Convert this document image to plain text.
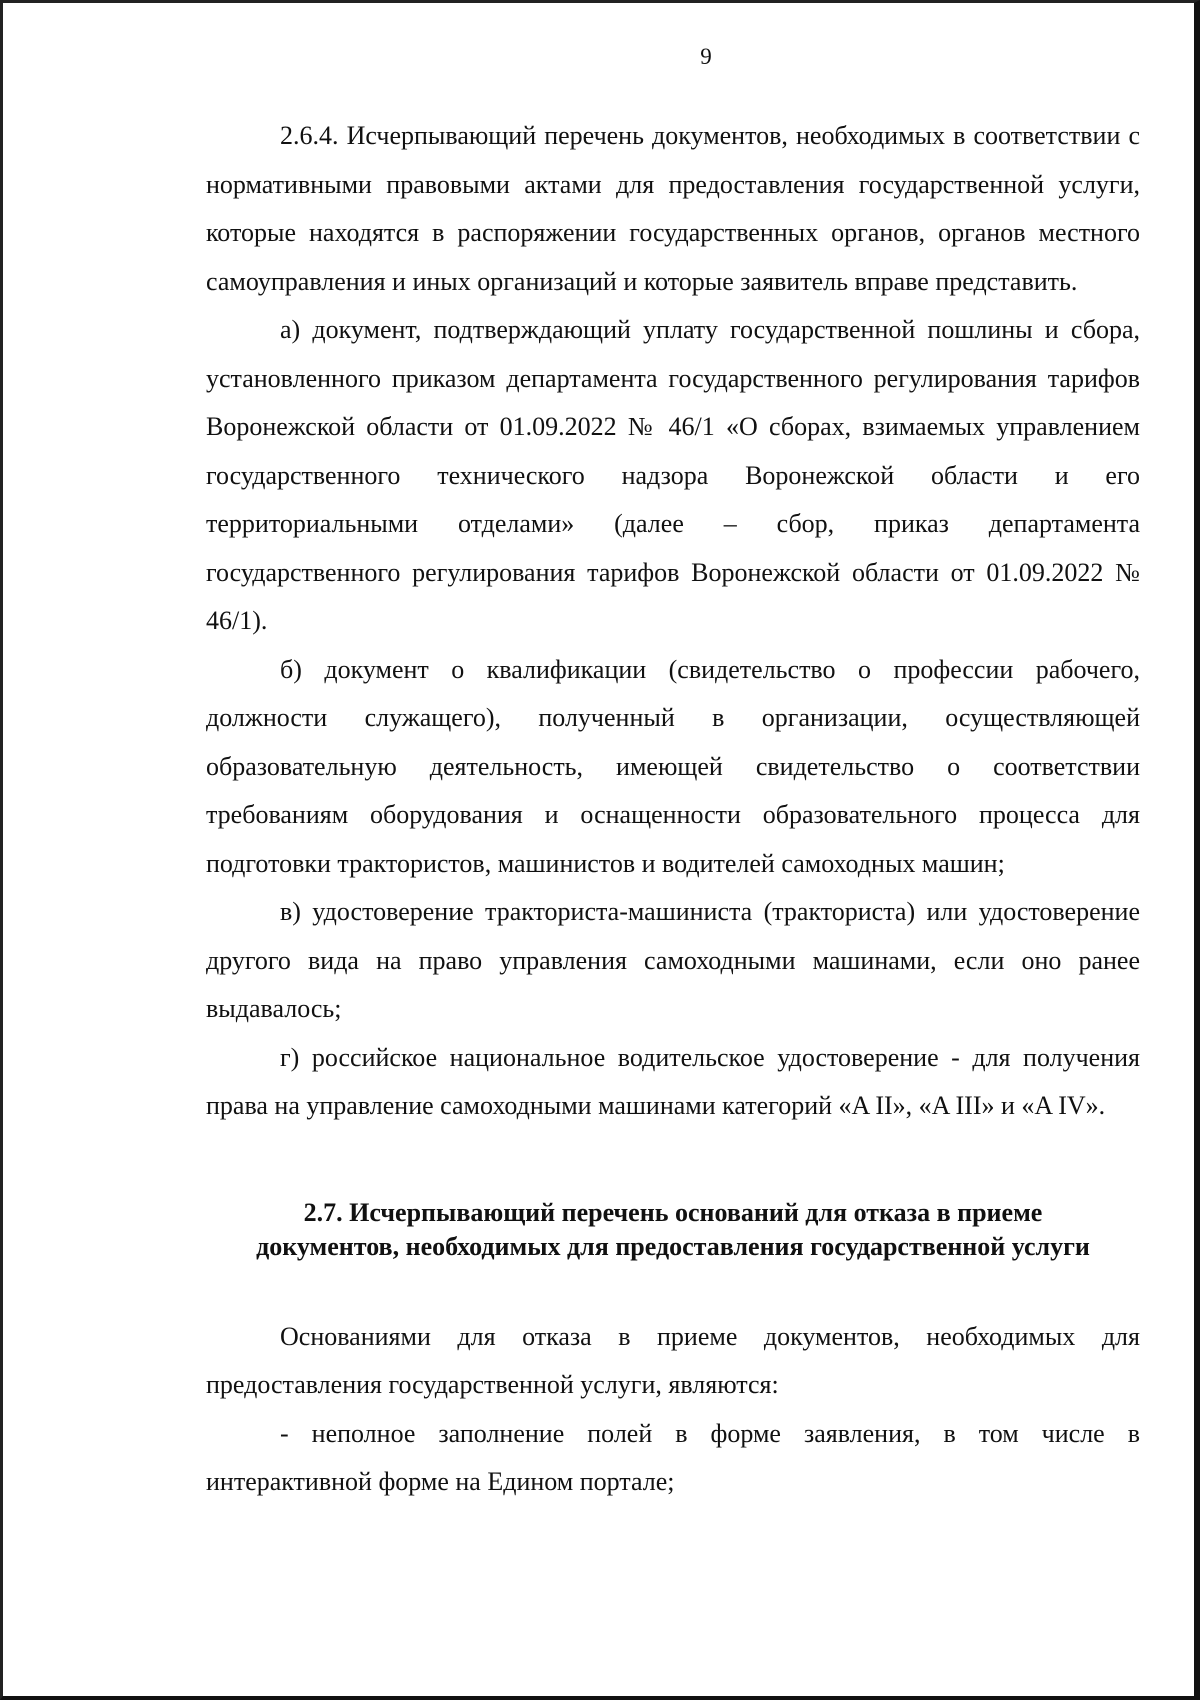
9

2.6.4. Исчерпывающий перечень документов, необходимых в соответствии с нормативными правовыми актами для предоставления государственной услуги, которые находятся в распоряжении государственных органов, органов местного самоуправления и иных организаций и которые заявитель вправе представить.

а) документ, подтверждающий уплату государственной пошлины и сбора, установленного приказом департамента государственного регулирования тарифов Воронежской области от 01.09.2022 № 46/1 «О сборах, взимаемых управлением государственного технического надзора Воронежской области и его территориальными отделами» (далее – сбор, приказ департамента государственного регулирования тарифов Воронежской области от 01.09.2022 № 46/1).

б) документ о квалификации (свидетельство о профессии рабочего, должности служащего), полученный в организации, осуществляющей образовательную деятельность, имеющей свидетельство о соответствии требованиям оборудования и оснащенности образовательного процесса для подготовки трактористов, машинистов и водителей самоходных машин;

в) удостоверение тракториста-машиниста (тракториста) или удостоверение другого вида на право управления самоходными машинами, если оно ранее выдавалось;

г) российское национальное водительское удостоверение - для получения права на управление самоходными машинами категорий «A II», «A III» и «A IV».

2.7. Исчерпывающий перечень оснований для отказа в приеме
документов, необходимых для предоставления государственной услуги

Основаниями для отказа в приеме документов, необходимых для предоставления государственной услуги, являются:

- неполное заполнение полей в форме заявления, в том числе в интерактивной форме на Едином портале;
